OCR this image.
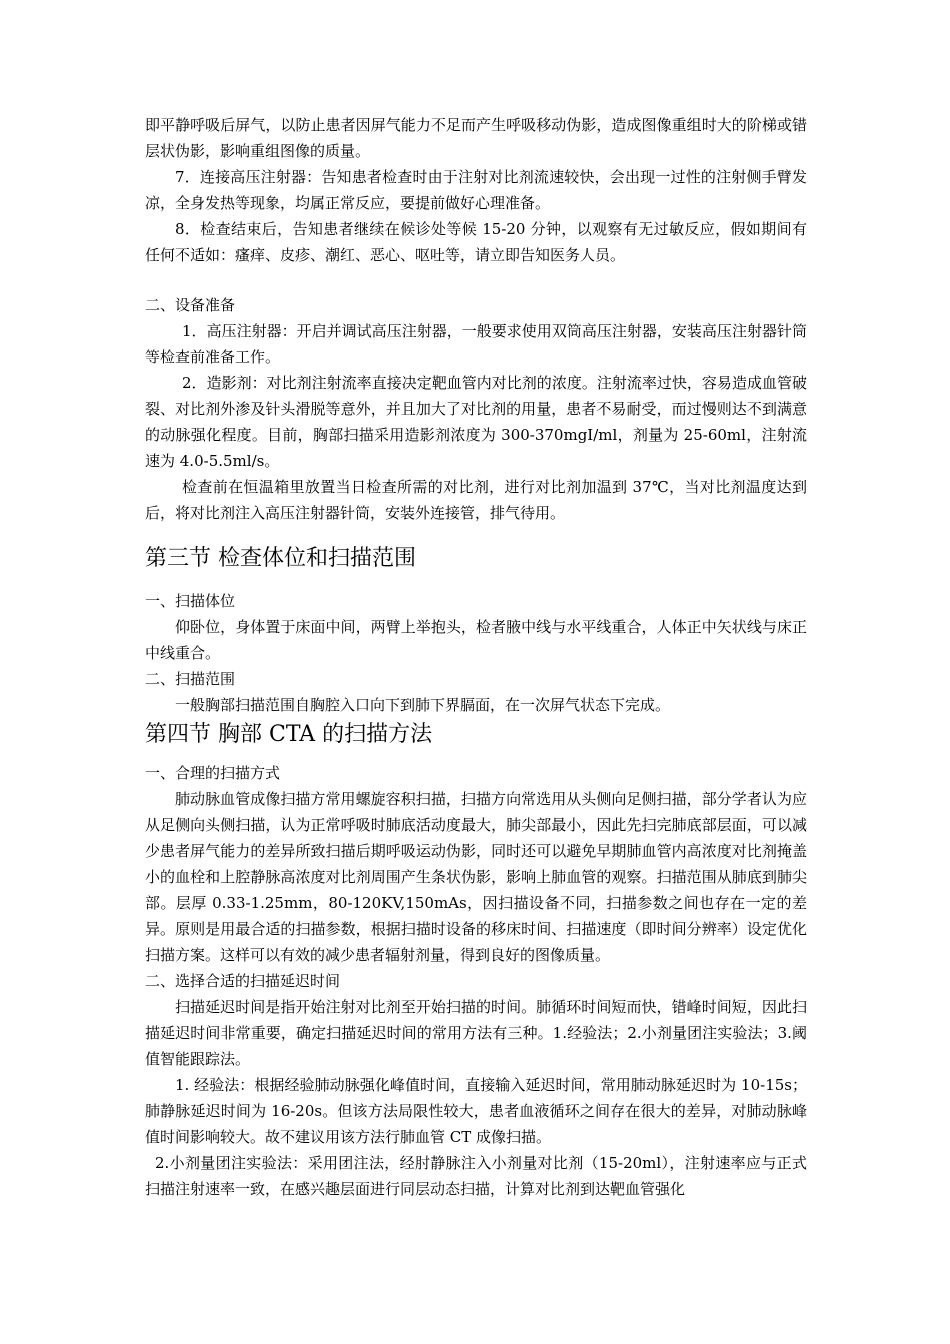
即平静呼吸后屏气，以防止患者因屏气能力不足而产生呼吸移动伪影，造成图像重组时大的阶梯或错层状伪影，影响重组图像的质量。

7．连接高压注射器：告知患者检查时由于注射对比剂流速较快，会出现一过性的注射侧手臂发凉，全身发热等现象，均属正常反应，要提前做好心理准备。

8．检查结束后，告知患者继续在候诊处等候 15-20 分钟，以观察有无过敏反应，假如期间有任何不适如：瘙痒、皮疹、潮红、恶心、呕吐等，请立即告知医务人员。

二、设备准备

1．高压注射器：开启并调试高压注射器，一般要求使用双筒高压注射器，安装高压注射器针筒等检查前准备工作。

2．造影剂：对比剂注射流率直接决定靶血管内对比剂的浓度。注射流率过快，容易造成血管破裂、对比剂外渗及针头滑脱等意外，并且加大了对比剂的用量，患者不易耐受，而过慢则达不到满意的动脉强化程度。目前，胸部扫描采用造影剂浓度为 300-370mgI/ml，剂量为 25-60ml，注射流速为 4.0-5.5ml/s。

检查前在恒温箱里放置当日检查所需的对比剂，进行对比剂加温到 37℃，当对比剂温度达到后，将对比剂注入高压注射器针筒，安装外连接管，排气待用。

第三节 检查体位和扫描范围

一、扫描体位

仰卧位，身体置于床面中间，两臂上举抱头，检者腋中线与水平线重合，人体正中矢状线与床正中线重合。

二、扫描范围

一般胸部扫描范围自胸腔入口向下到肺下界膈面，在一次屏气状态下完成。

第四节 胸部 CTA 的扫描方法

一、合理的扫描方式

肺动脉血管成像扫描方常用螺旋容积扫描，扫描方向常选用从头侧向足侧扫描，部分学者认为应从足侧向头侧扫描，认为正常呼吸时肺底活动度最大，肺尖部最小，因此先扫完肺底部层面，可以减少患者屏气能力的差异所致扫描后期呼吸运动伪影，同时还可以避免早期肺血管内高浓度对比剂掩盖小的血栓和上腔静脉高浓度对比剂周围产生条状伪影，影响上肺血管的观察。扫描范围从肺底到肺尖部。层厚 0.33-1.25mm，80-120KV,150mAs，因扫描设备不同，扫描参数之间也存在一定的差异。原则是用最合适的扫描参数，根据扫描时设备的移床时间、扫描速度（即时间分辨率）设定优化扫描方案。这样可以有效的减少患者辐射剂量，得到良好的图像质量。

二、选择合适的扫描延迟时间

扫描延迟时间是指开始注射对比剂至开始扫描的时间。肺循环时间短而快，错峰时间短，因此扫描延迟时间非常重要，确定扫描延迟时间的常用方法有三种。1.经验法；2.小剂量团注实验法；3.阈值智能跟踪法。

1. 经验法：根据经验肺动脉强化峰值时间，直接输入延迟时间，常用肺动脉延迟时为 10-15s；肺静脉延迟时间为 16-20s。但该方法局限性较大，患者血液循环之间存在很大的差异，对肺动脉峰值时间影响较大。故不建议用该方法行肺血管 CT 成像扫描。

2.小剂量团注实验法：采用团注法，经肘静脉注入小剂量对比剂（15-20ml），注射速率应与正式扫描注射速率一致，在感兴趣层面进行同层动态扫描，计算对比剂到达靶血管强化
